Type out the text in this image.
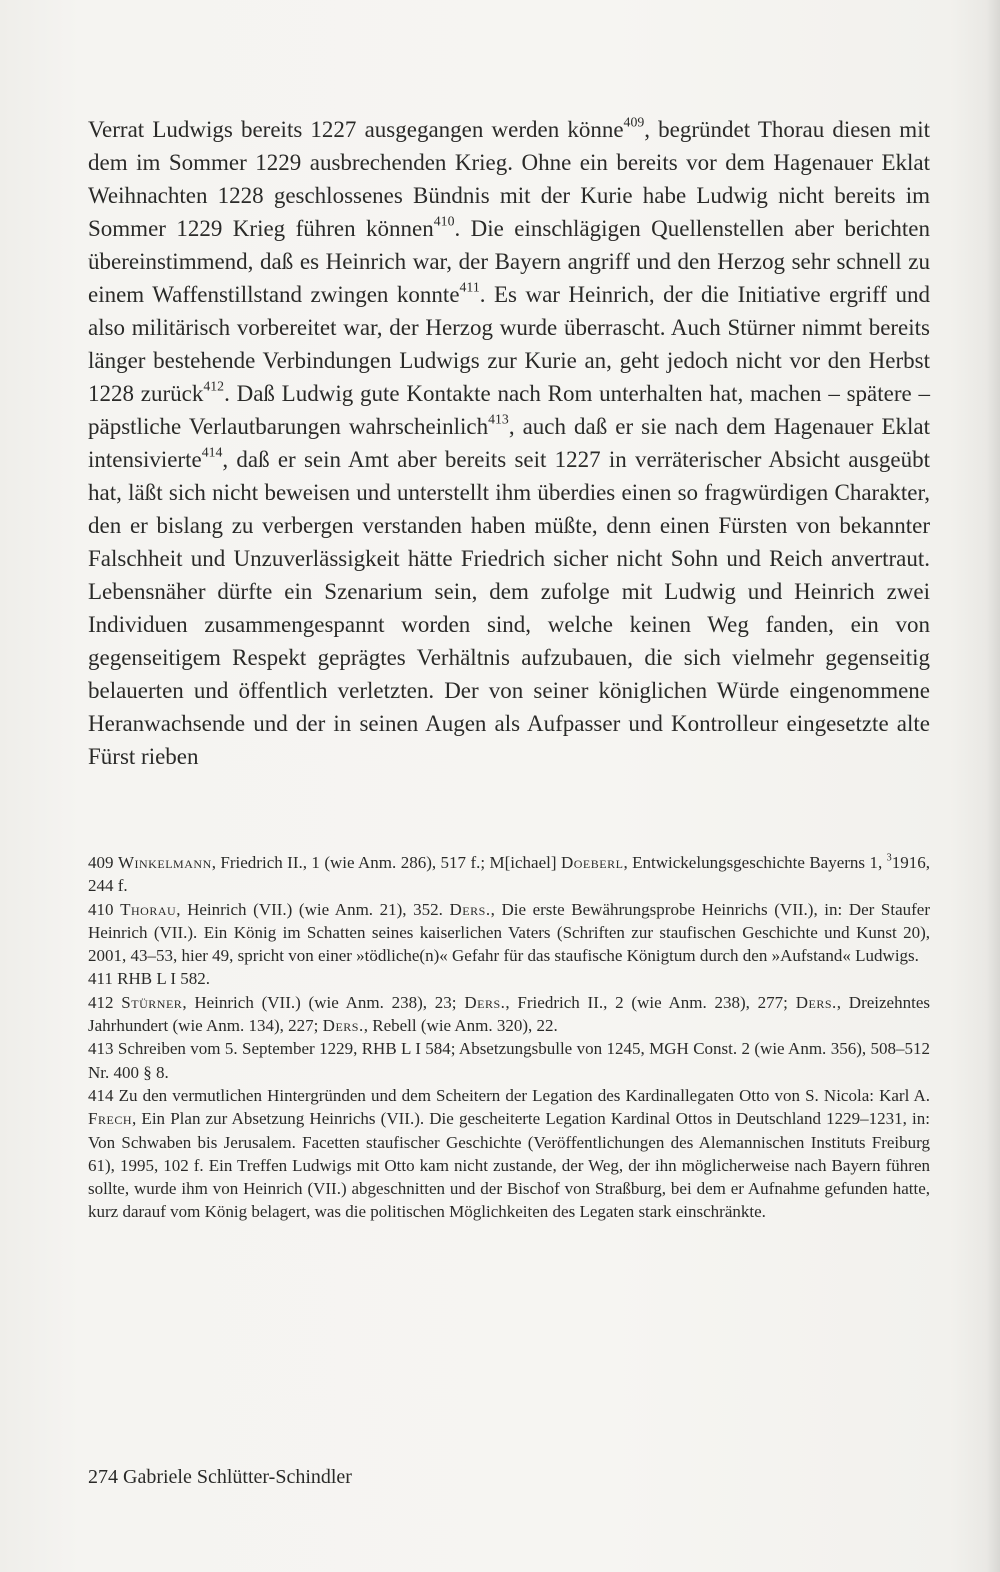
Verrat Ludwigs bereits 1227 ausgegangen werden könne$^{409}$, begründet Thorau diesen mit dem im Sommer 1229 ausbrechenden Krieg. Ohne ein bereits vor dem Hagenauer Eklat Weihnachten 1228 geschlossenes Bündnis mit der Kurie habe Ludwig nicht bereits im Sommer 1229 Krieg führen können$^{410}$. Die einschlägigen Quellenstellen aber berichten übereinstimmend, daß es Heinrich war, der Bayern angriff und den Herzog sehr schnell zu einem Waffenstillstand zwingen konnte$^{411}$. Es war Heinrich, der die Initiative ergriff und also militärisch vorbereitet war, der Herzog wurde überrascht. Auch Stürner nimmt bereits länger bestehende Verbindungen Ludwigs zur Kurie an, geht jedoch nicht vor den Herbst 1228 zurück$^{412}$. Daß Ludwig gute Kontakte nach Rom unterhalten hat, machen – spätere – päpstliche Verlautbarungen wahrscheinlich$^{413}$, auch daß er sie nach dem Hagenauer Eklat intensivierte$^{414}$, daß er sein Amt aber bereits seit 1227 in verräterischer Absicht ausgeübt hat, läßt sich nicht beweisen und unterstellt ihm überdies einen so fragwürdigen Charakter, den er bislang zu verbergen verstanden haben müßte, denn einen Fürsten von bekannter Falschheit und Unzuverlässigkeit hätte Friedrich sicher nicht Sohn und Reich anvertraut. Lebensnäher dürfte ein Szenarium sein, dem zufolge mit Ludwig und Heinrich zwei Individuen zusammengespannt worden sind, welche keinen Weg fanden, ein von gegenseitigem Respekt geprägtes Verhältnis aufzubauen, die sich vielmehr gegenseitig belauerten und öffentlich verletzten. Der von seiner königlichen Würde eingenommene Heranwachsende und der in seinen Augen als Aufpasser und Kontrolleur eingesetzte alte Fürst rieben

409 Winkelmann, Friedrich II., 1 (wie Anm. 286), 517 f.; M[ichael] Doeberl, Entwickelungsgeschichte Bayerns 1, $^3$1916, 244 f.

410 Thorau, Heinrich (VII.) (wie Anm. 21), 352. Ders., Die erste Bewährungsprobe Heinrichs (VII.), in: Der Staufer Heinrich (VII.). Ein König im Schatten seines kaiserlichen Vaters (Schriften zur staufischen Geschichte und Kunst 20), 2001, 43–53, hier 49, spricht von einer »tödliche(n)« Gefahr für das staufische Königtum durch den »Aufstand« Ludwigs.

411 RHB L I 582.

412 Stürner, Heinrich (VII.) (wie Anm. 238), 23; Ders., Friedrich II., 2 (wie Anm. 238), 277; Ders., Dreizehntes Jahrhundert (wie Anm. 134), 227; Ders., Rebell (wie Anm. 320), 22.

413 Schreiben vom 5. September 1229, RHB L I 584; Absetzungsbulle von 1245, MGH Const. 2 (wie Anm. 356), 508–512 Nr. 400 § 8.

414 Zu den vermutlichen Hintergründen und dem Scheitern der Legation des Kardinallegaten Otto von S. Nicola: Karl A. Frech, Ein Plan zur Absetzung Heinrichs (VII.). Die gescheiterte Legation Kardinal Ottos in Deutschland 1229–1231, in: Von Schwaben bis Jerusalem. Facetten staufischer Geschichte (Veröffentlichungen des Alemannischen Instituts Freiburg 61), 1995, 102 f. Ein Treffen Ludwigs mit Otto kam nicht zustande, der Weg, der ihn möglicherweise nach Bayern führen sollte, wurde ihm von Heinrich (VII.) abgeschnitten und der Bischof von Straßburg, bei dem er Aufnahme gefunden hatte, kurz darauf vom König belagert, was die politischen Möglichkeiten des Legaten stark einschränkte.

274 Gabriele Schlütter-Schindler
